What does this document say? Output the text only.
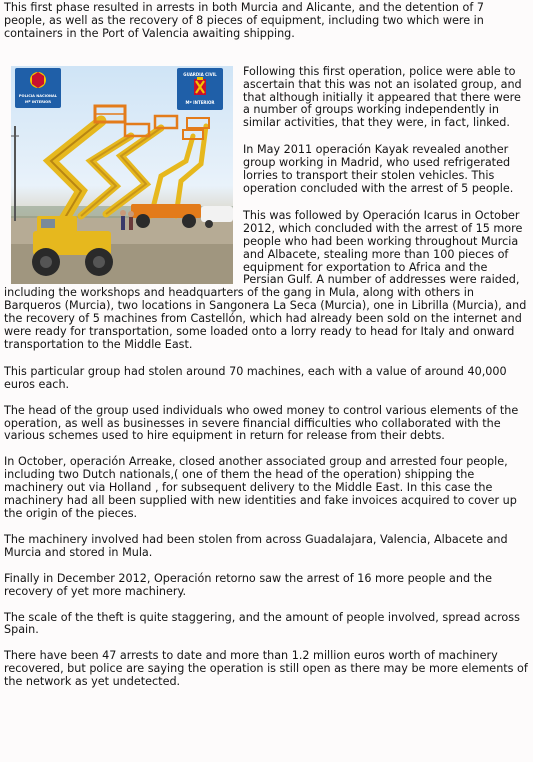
This first phase resulted in arrests in both Murcia and Alicante, and the detention of 7 people, as well as the recovery of 8 pieces of equipment, including two which were in containers in the Port of Valencia awaiting shipping.

POLICIA NACIONAL
Mº INTERIOR
GUARDIA CIVIL
Mº INTERIOR

Following this first operation, police were able to ascertain that this was not an isolated group, and that although initially it appeared that there were a number of groups working independently in similar activities, that they were, in fact, linked.

In May 2011 operación Kayak revealed another group working in Madrid, who used refrigerated lorries to transport their stolen vehicles. This operation concluded with the arrest of 5 people.

This was followed by Operación Icarus in October 2012, which concluded with the arrest of 15 more people who had been working throughout Murcia and Albacete, stealing more than 100 pieces of equipment for exportation to Africa and the Persian Gulf. A number of addresses were raided, including the workshops and headquarters of the gang in Mula, along with others in Barqueros (Murcia), two locations in Sangonera La Seca (Murcia), one in Librilla (Murcia), and the recovery of 5 machines from Castellón, which had already been sold on the internet and were ready for transportation, some loaded onto a lorry ready to head for Italy and onward transportation to the Middle East.

This particular group had stolen around 70 machines, each with a value of around 40,000 euros each.

The head of the group used individuals who owed money to control various elements of the operation, as well as businesses in severe financial difficulties who collaborated with the various schemes used to hire equipment in return for release from their debts.

In October, operación Arreake, closed another associated group and arrested four people, including two Dutch nationals,( one of them the head of the operation) shipping the machinery out via Holland , for subsequent delivery to the Middle East. In this case the machinery had all been supplied with new identities and fake invoices acquired to cover up the origin of the pieces.

The machinery involved had been stolen from across Guadalajara, Valencia, Albacete and Murcia and stored in Mula.

Finally in December 2012, Operación retorno saw the arrest of 16 more people and the recovery of yet more machinery.

The scale of the theft is quite staggering, and the amount of people involved, spread across Spain.

There have been 47 arrests to date and more than 1.2 million euros worth of machinery recovered, but police are saying the operation is still open as there may be more elements of the network as yet undetected.
